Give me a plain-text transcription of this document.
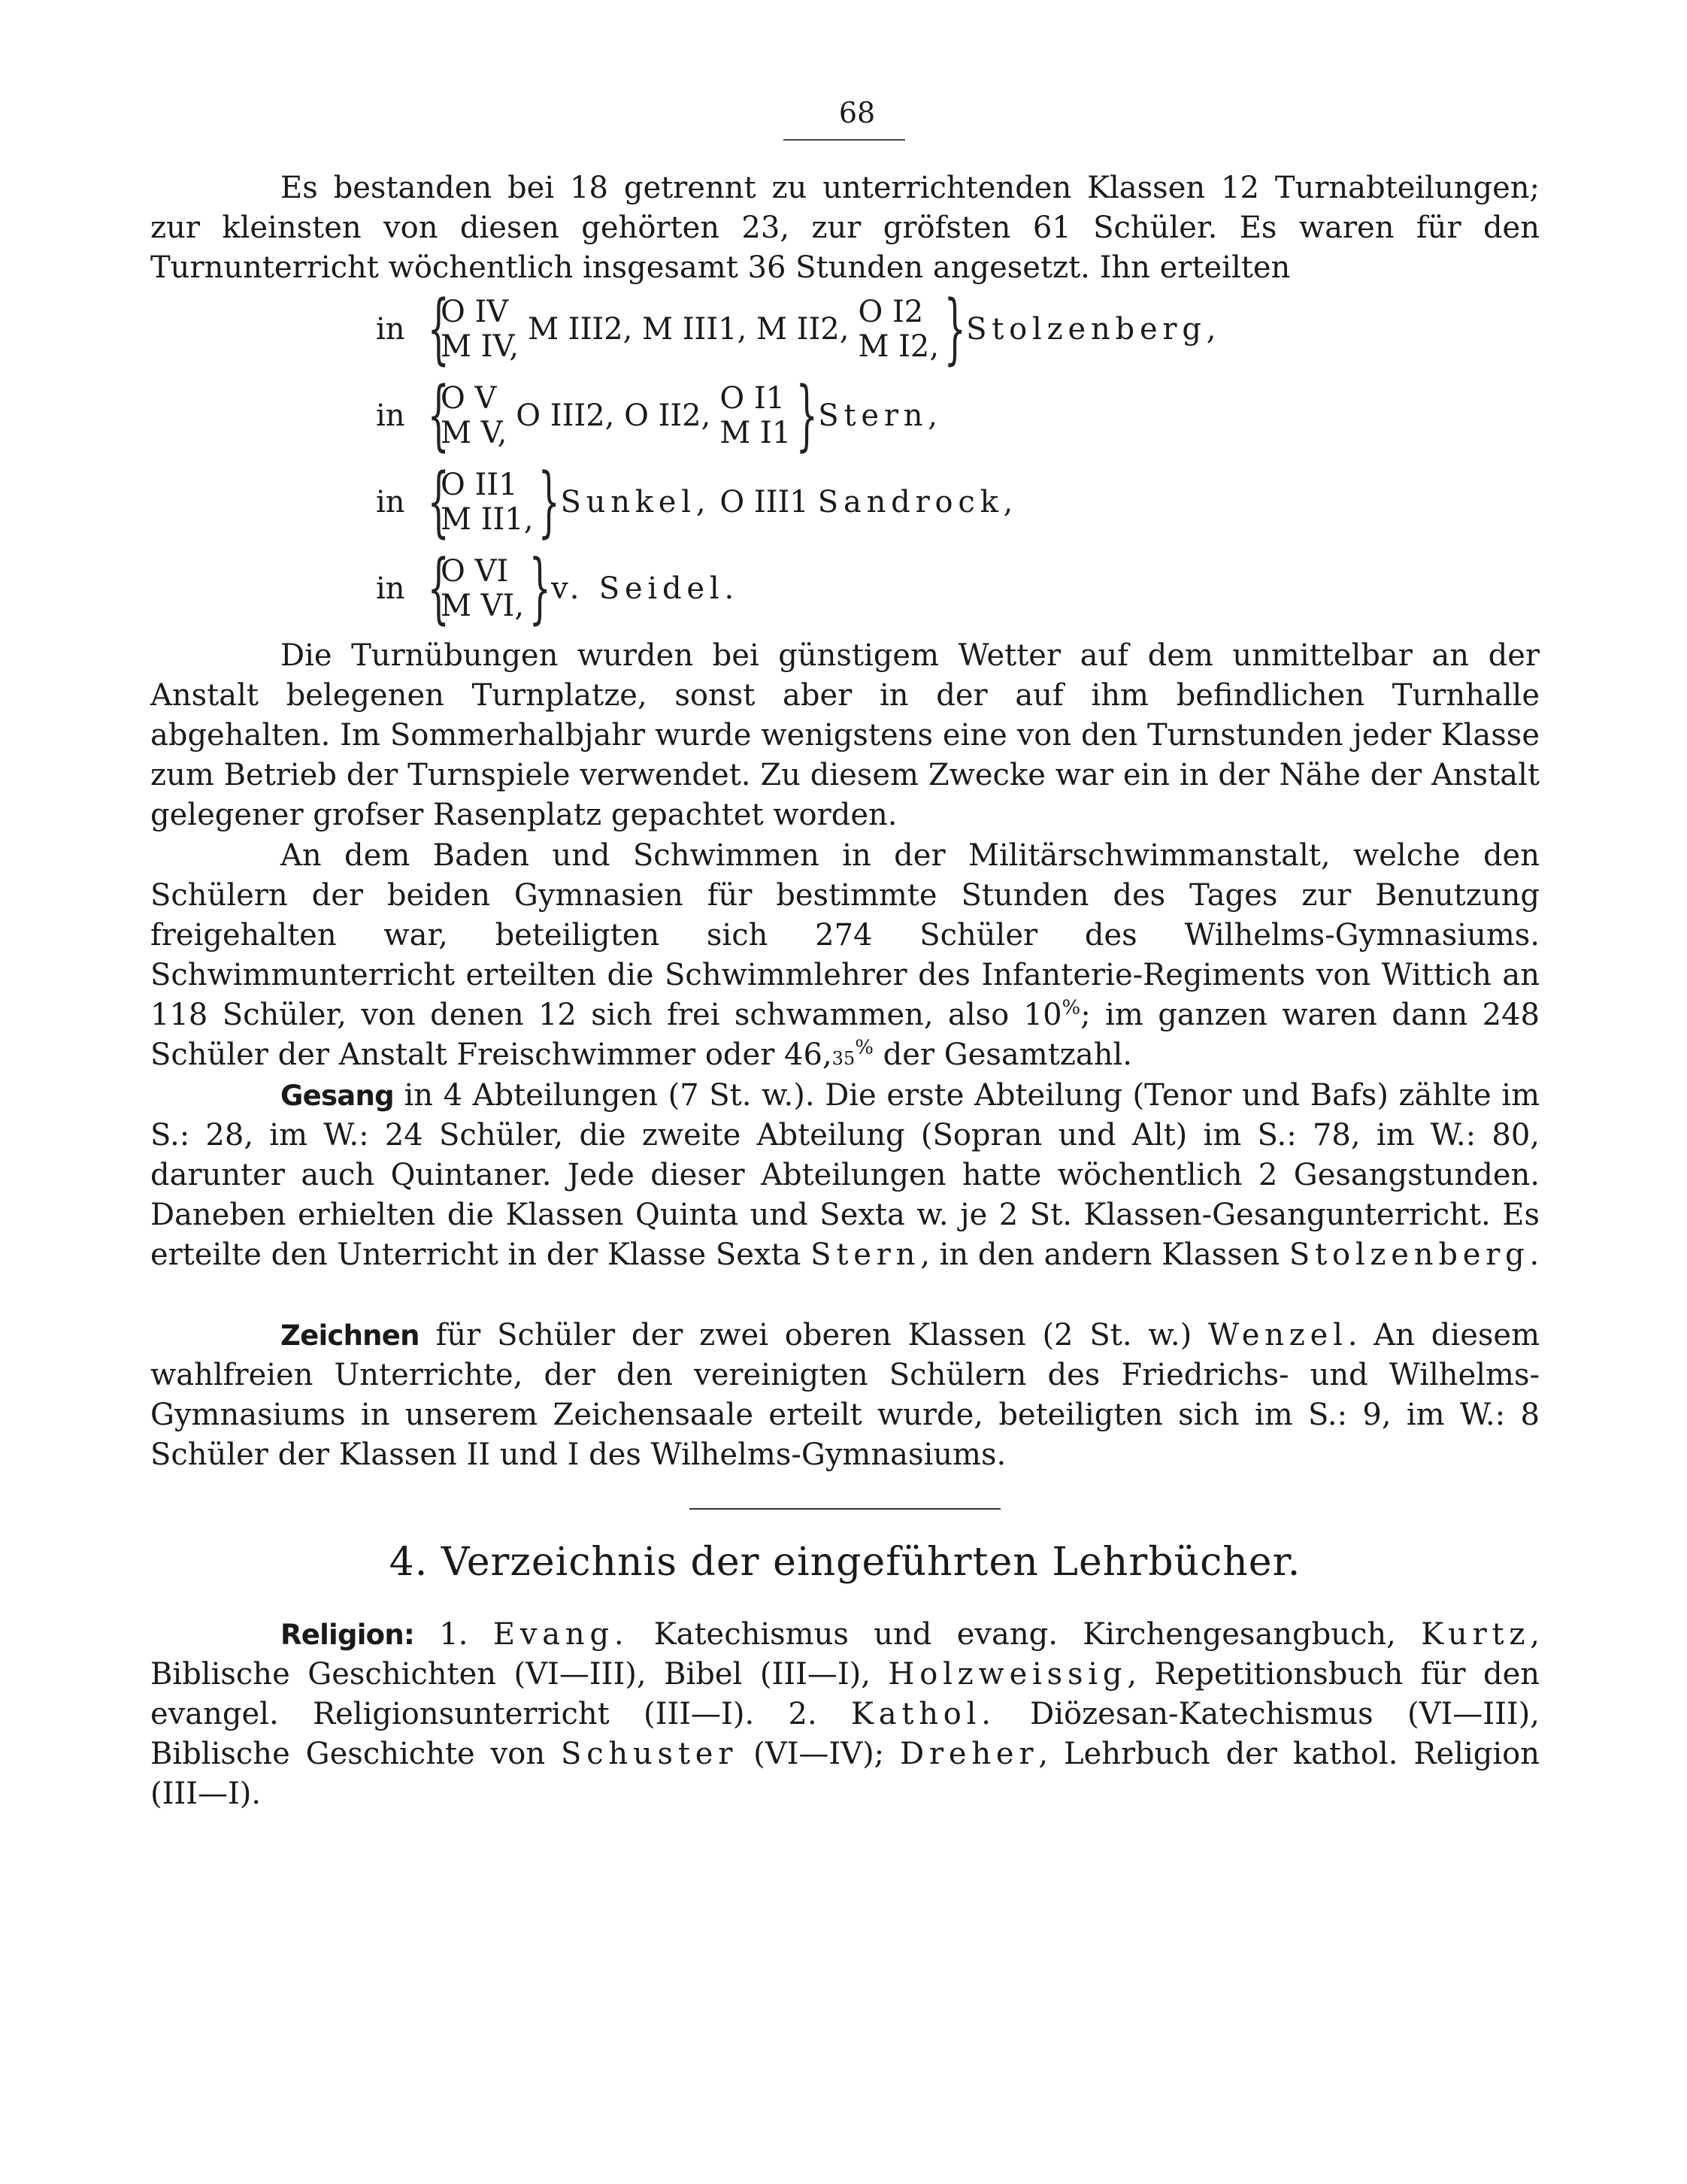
68

Es bestanden bei 18 getrennt zu unterrichtenden Klassen 12 Turnabteilungen; zur kleinsten von diesen gehörten 23, zur gröfsten 61 Schüler. Es waren für den Turnunterricht wöchentlich insgesamt 36 Stunden angesetzt. Ihn erteilten

in {
O IV
M IV, M III2, M III1, M II2, O I2
M I2, } Stolzenberg,
in {
O V
M V, O III2, O II2, O I1
M I1 } Stern,
in {
O II1
M II1, } Sunkel, O III1 Sandrock,
in {
O VI
M VI, } v. Seidel.

Die Turnübungen wurden bei günstigem Wetter auf dem unmittelbar an der Anstalt belegenen Turnplatze, sonst aber in der auf ihm befindlichen Turnhalle abgehalten. Im Sommerhalbjahr wurde wenigstens eine von den Turnstunden jeder Klasse zum Betrieb der Turnspiele verwendet. Zu diesem Zwecke war ein in der Nähe der Anstalt gelegener grofser Rasenplatz gepachtet worden.

An dem Baden und Schwimmen in der Militärschwimmanstalt, welche den Schülern der beiden Gymnasien für bestimmte Stunden des Tages zur Benutzung freigehalten war, beteiligten sich 274 Schüler des Wilhelms-Gymnasiums. Schwimmunterricht erteilten die Schwimmlehrer des Infanterie-Regiments von Wittich an 118 Schüler, von denen 12 sich frei schwammen, also 10%; im ganzen waren dann 248 Schüler der Anstalt Freischwimmer oder 46,35% der Gesamtzahl.

Gesang in 4 Abteilungen (7 St. w.). Die erste Abteilung (Tenor und Bafs) zählte im S.: 28, im W.: 24 Schüler, die zweite Abteilung (Sopran und Alt) im S.: 78, im W.: 80, darunter auch Quintaner. Jede dieser Abteilungen hatte wöchentlich 2 Gesangstunden. Daneben erhielten die Klassen Quinta und Sexta w. je 2 St. Klassen-Gesangunterricht. Es erteilte den Unterricht in der Klasse Sexta Stern, in den andern Klassen Stolzenberg.

Zeichnen für Schüler der zwei oberen Klassen (2 St. w.) Wenzel. An diesem wahlfreien Unterrichte, der den vereinigten Schülern des Friedrichs- und Wilhelms-Gymnasiums in unserem Zeichensaale erteilt wurde, beteiligten sich im S.: 9, im W.: 8 Schüler der Klassen II und I des Wilhelms-Gymnasiums.

4. Verzeichnis der eingeführten Lehrbücher.

Religion: 1. Evang. Katechismus und evang. Kirchengesangbuch, Kurtz, Biblische Geschichten (VI—III), Bibel (III—I), Holzweissig, Repetitionsbuch für den evangel. Religionsunterricht (III—I). 2. Kathol. Diözesan-Katechismus (VI—III), Biblische Geschichte von Schuster (VI—IV); Dreher, Lehrbuch der kathol. Religion (III—I).
